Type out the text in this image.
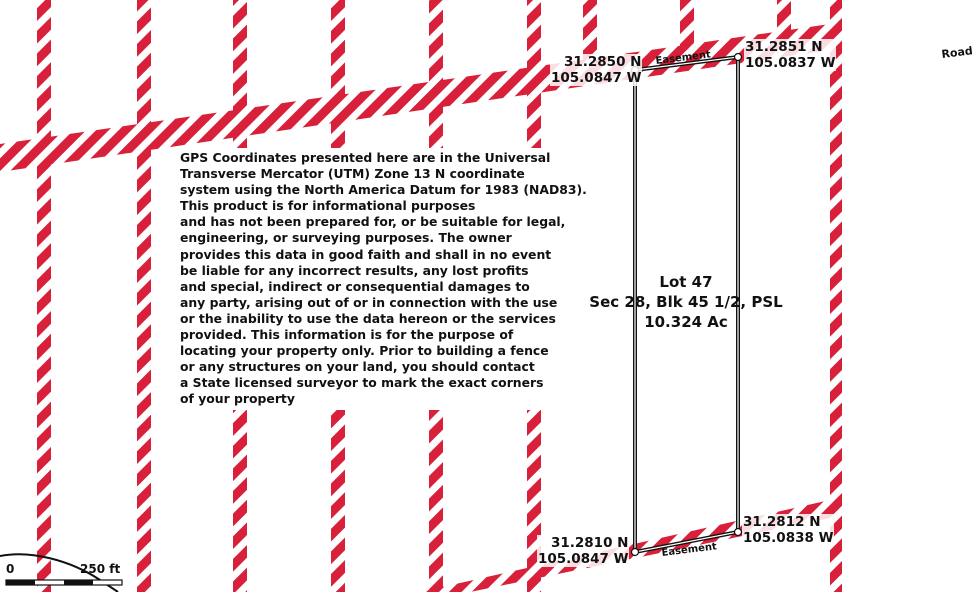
Easement
Easement
Road
GPS Coordinates presented here are in the Universal
Transverse Mercator (UTM) Zone 13 N coordinate
system using the North America Datum for 1983 (NAD83).
This product is for informational purposes
and has not been prepared for, or be suitable for legal,
engineering, or surveying purposes. The owner
provides this data in good faith and shall in no event
be liable for any incorrect results, any lost profits
and special, indirect or consequential damages to
any party, arising out of or in connection with the use
or the inability to use the data hereon or the services
provided. This information is for the purpose of
locating your property only. Prior to building a fence
or any structures on your land, you should contact
a State licensed surveyor to mark the exact corners
of your property
Lot 47
Sec 28, Blk 45 1/2, PSL
10.324 Ac
31.2850 N
105.0847 W
31.2851 N
105.0837 W
31.2810 N
105.0847 W
31.2812 N
105.0838 W
0	250 ft
